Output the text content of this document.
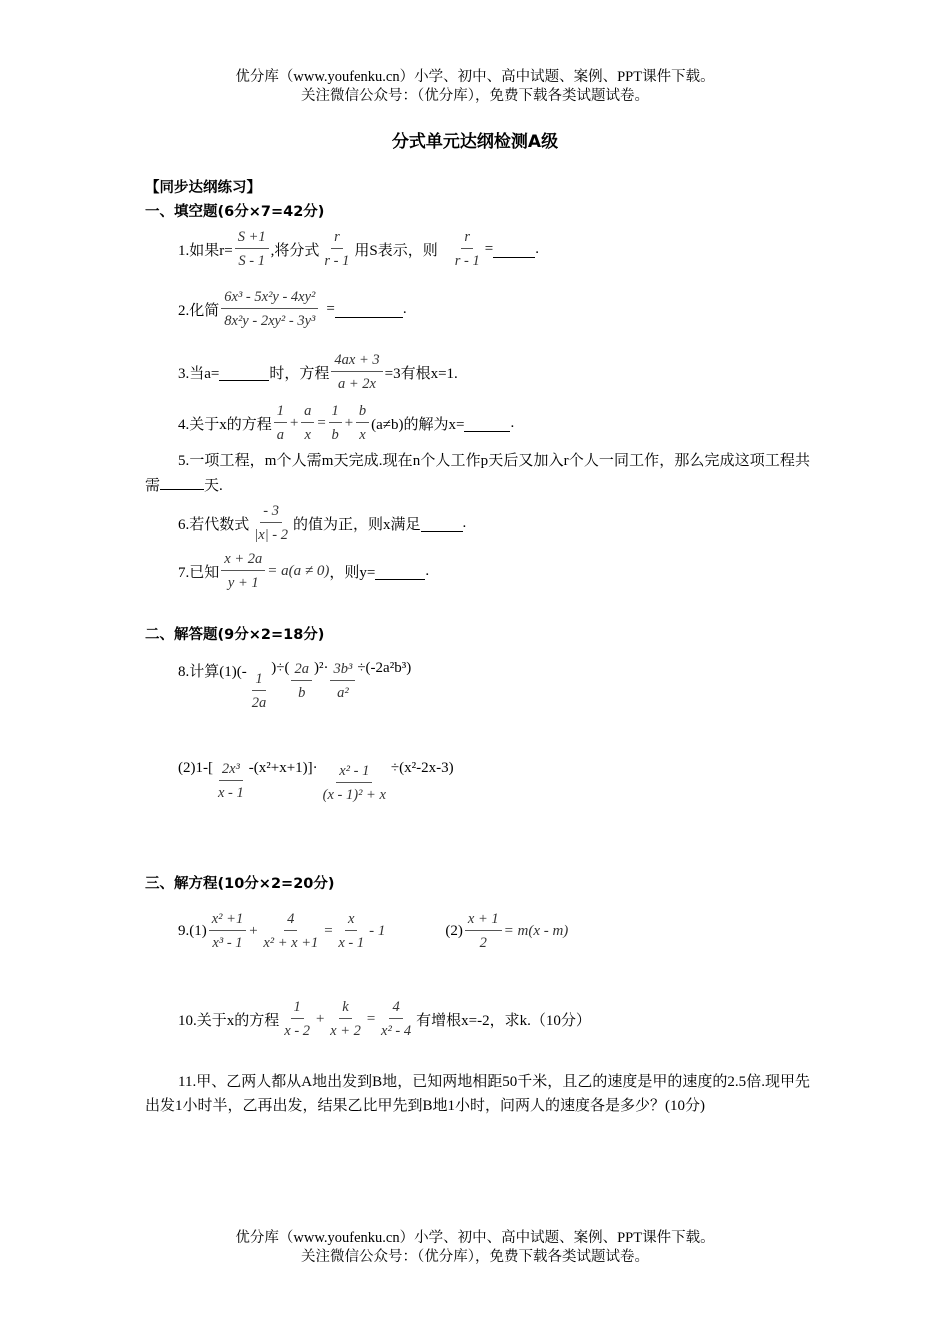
优分库（www.youfenku.cn）小学、初中、高中试题、案例、PPT课件下载。
关注微信公众号：（优分库），免费下载各类试题试卷。
分式单元达纲检测A级
【同步达纲练习】
一、填空题(6分×7=42分)
1.如果$r= \frac{S +1}{S - 1}$ ,将分式 $\frac{r}{r - 1}$ 用S表示，则 $\frac{r}{r - 1}$ =	.
2.化简 $\frac{\text{6x³ - 5x²y - 4xy²}}{\text{8x²y - 2xy² - 3y³}}$ =	.
3.当a=	时，方程 $\frac{4ax + 3}{a + 2x} =3$有根x=1.
4.关于x的方程 $\frac{1}{a} + \frac{a}{x} = \frac{1}{b} + \frac{b}{x} (a\ne b)$的解为x=	.
5.一项工程，m个人需m天完成.现在n个人工作p天后又加入r个人一同工作，那么完成这项工程共需	天.
6.若代数式 $\frac{- 3}{|x| - 2}$ 的值为正，则x满足	.
7.已知 $\frac{x + 2a}{y + 1} = a(a \ne 0)$ ，则y=	.
二、解答题(9分×2=18分)
8.计算$(1)(- \frac{1}{2a}$
)÷( $\frac{2a}{b} )^2\cdot \frac{\text{3b³}}{\text{a²}} \div(-2a^2b^3)$
$(2)1-[ \frac{\text{2x³}}{x - 1} -(x^2+x+1)]\cdot \frac{\text{x² - 1}}{\text{(x - 1)² + x}} \div(x^2-2x-3)$
三、解方程(10分×2=20分)
$9.(1) \frac{\text{x² +1}}{\text{x³ - 1}} + \frac{4}{\text{x² + x +1}} = \frac{x}{x - 1} - 1$	$(2) \frac{x + 1}{2} = m(x - m)$
10.关于x的方程 $\frac{1}{x - 2} + \frac{k}{x + 2} = \frac{4}{\text{x² - 4}}$ 有增根x=-2，求k.（10分）
11.甲、乙两人都从A地出发到B地，已知两地相距50千米，且乙的速度是甲的速度的2.5倍.现甲先出发1小时半，乙再出发，结果乙比甲先到B地1小时，问两人的速度各是多少？(10分)
优分库（www.youfenku.cn）小学、初中、高中试题、案例、PPT课件下载。
关注微信公众号：（优分库），免费下载各类试题试卷。
